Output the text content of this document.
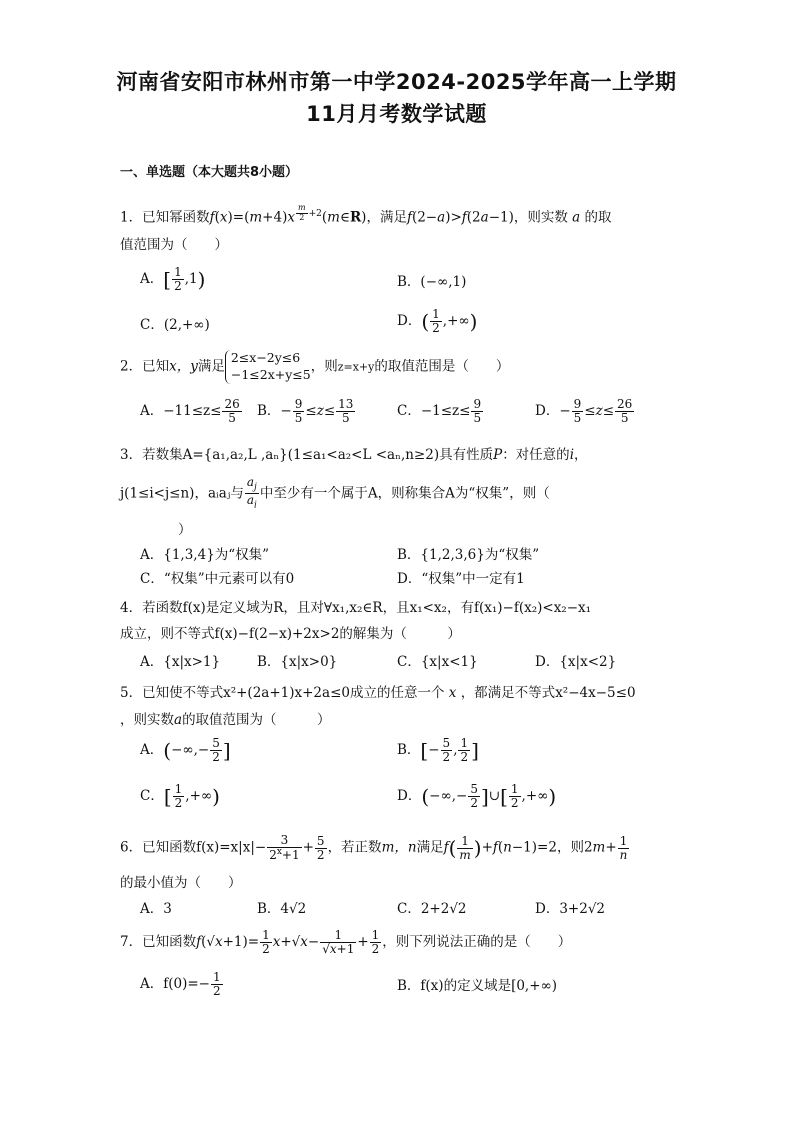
河南省安阳市林州市第一中学2024-2025学年高一上学期
11月月考数学试题
一、单选题（本大题共8小题）
1．已知幂函数f(x)=(m+4)x $^{\frac{m}{2} +2}$(m∈R)，满足f(2−a)>f(2a−1)，则实数 a 的取
值范围为（　　）
A．[ $\frac{1}{2} ,1$)	B．(−∞,1)
C．(2,+∞)	D．( $\frac{1}{2}$ ,+∞)
2．已知x，y满足2≤x−2y≤6
−1≤2x+y≤5，则z=x+y的取值范围是（　　）
A．$-11\le z\le \frac{26}{5}$ B．− $\frac{9}{5} \le z\le \frac{13}{5}$	C．$-1\le z\le \frac{9}{5}$	D．− $\frac{9}{5} \le z\le \frac{26}{5}$
3．若数集A={a₁,a₂,L ,aₙ}(1≤a₁<a₂<L <aₙ,n≥2)具有性质P：对任意的i，
j(1≤i<j≤n)，aᵢaⱼ与 $\frac{a_j}{a_i}$ 中至少有一个属于A，则称集合A为“权集”，则（
）
A．{1,3,4}为“权集”	B．{1,2,3,6}为“权集”
C．“权集”中元素可以有0	D．“权集”中一定有1
4．若函数f(x)是定义域为R，且对∀x₁,x₂∈R，且x₁<x₂，有f(x₁)−f(x₂)<x₂−x₁
成立，则不等式f(x)−f(2−x)+2x>2的解集为（　　　）
A．{x|x>1}	B．{x|x>0}	C．{x|x<1}	D．{x|x<2}
5．已知使不等式x²+(2a+1)x+2a≤0成立的任意一个 x ，都满足不等式x²−4x−5≤0
，则实数a的取值范围为（　　　）
A．(−∞,− $\frac{5}{2}$ ]	B．[− $\frac{5}{2}$ , $\frac{1}{2}$ ]
C．[ $\frac{1}{2}$ ,+∞)	D．(−∞,− $\frac{5}{2}$ ]∪[ $\frac{1}{2}$ ,+∞)
6．已知函数$f(x)=x|x|- \frac{3}{2^x+1} + \frac{5}{2}$ ，若正数m，n满足$f( \frac{1}{m} )+f(n-1)=2$，则$2m+ \frac{1}{n}$
的最小值为（　　）
A．3	B．4√2	C．2+2√2	D．3+2√2
7．已知函数$f(√x+1)= \frac{1}{2} x+√x- \frac{1}{√x+1} + \frac{1}{2}$ ，则下列说法正确的是（　　）
A．$f(0)=- \frac{1}{2}$	B．f(x)的定义域是[0,+∞)
